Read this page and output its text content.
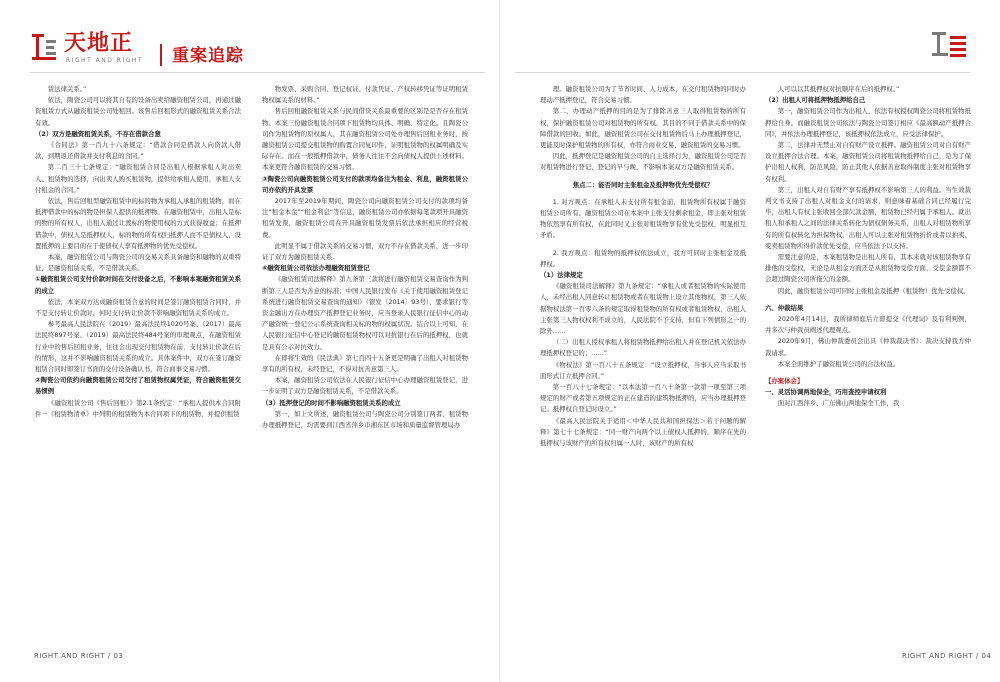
天地正
RIGHT AND RIGHT 重案追踪

赁法律关系。”

依法，陶瓷公司可以将其自有的设备出卖给融资租赁公司，再通过融资租赁方式从融资租赁公司处租回。该售后回租形式的融资租赁关系合法有效。

（2）双方是融资租赁关系，不存在借款合意

《合同法》第一百九十六条规定：“借款合同是借款人向贷款人借款，到期返还借款并支付利息的合同。”

第二百三十七条规定：“融资租赁合同是出租人根据承租人对出卖人、租赁物的选择，向出卖人购买租赁物，提供给承租人使用，承租人支付租金的合同。”

依法，售后回租型融资租赁中的标的物为承租人承租的租赁物，而在抵押借款中的标的物是担保人提供的抵押物。在融资租赁中，出租人是标的物的所有权人，出租人通过让渡标的物使用权的方式获得收益；在抵押借款中，债权人是抵押权人，标的物的所有权归抵押人而不是债权人，设置抵押的主要目的在于使债权人享有抵押物的优先受偿权。

本案，融资租赁公司与陶瓷公司的交易关系具备融资和融物的双重特征，是融资租赁关系，不是借款关系。

①融资租赁公司支付价款时间在交付设备之后，不影响本案融资租赁关系的成立

依法，本案双方达成融资租赁合意的时间是签订融资租赁合同时，并不是支付转让价款时。何时支付转让价款不影响融资租赁关系的成立。

参考最高人民法院在（2019）最高法民终1020号案、（2017）最高法民终897号案、（2019）最高法民终484号案的审理观点，在融资租赁行业中的售后回租业务，往往会出现交付租赁物在前，支付转让价款在后的情形，这并不影响融资租赁关系的成立。具体案件中，双方在签订融资租赁合同时即签订书面的交付设备确认书，符合商事交易习惯。

②陶瓷公司依约向融资租赁公司交付了租赁物权属凭证，符合融资租赁交易惯例

《融资租赁公司（售后回租）》第2.1条约定：“承租人提供本合同附件一《租赁物清单》中列明的租赁物为本合同项下的租赁物，并提供租赁

物发票、采购合同、登记权证、付款凭证、产权转移凭证等证明租赁物权属关系的材料。”

售后回租融资租赁关系与民间借贷关系最重要的区别是是否存在租赁物。本案三份融资租赁合同项下租赁物均具体、明确、特定化。且陶瓷公司作为租赁物的原权属人，其在融资租赁公司处办理售后回租业务时，按融资租赁公司提交租赁物的购置合同复印件，证明租赁物的权属明确及实际存在。而在一般抵押借款中，债务人往往不会向债权人提供上述材料。本案更符合融资租赁的交易习惯。

③陶瓷公司向融资租赁公司支付的款项均备注为租金、利息，融资租赁公司亦依约开具发票

2017年至2019年期间，陶瓷公司向融资租赁公司支付的款项均备注“租金本金”“租金利息”等信息，融资租赁公司亦依据每笔款项开具融资租赁发票，融资租赁公司在开具融资租赁发票后依法承担相应的经营税费。

此明显不属于借款关系的交易习惯，双方不存在借款关系，进一步印证了双方为融资租赁关系。

④融资租赁公司依法办理融资租赁登记

《融资租赁司法解释》第九条第三款将进行融资租赁交易查询作为判断第三人是否为善意的标准；中国人民银行发布《关于使用融资租赁登记系统进行融资租赁交易查询的通知》（银发〔2014〕93号），要求银行等资金融出方在办理资产抵押登记业务时，应当登录人民银行征信中心的动产融资统一登记公示系统查询相关标的物的权属状况。结合以上可知，在人民银行征信中心登记的融资租赁物权可以对抗银行在后的抵押权，也就是具有公示对抗效力。

在即将生效的《民法典》第七百四十五条更是明确了出租人对租赁物享有的所有权，未经登记，不得对抗善意第三人。

本案，融资租赁公司依法在人民银行征信中心办理融资租赁登记，进一步证明了双方是融资租赁关系，不是借款关系。

（3）抵押登记的时间不影响融资租赁关系的成立

第一，如上文所述，融资租赁公司与陶瓷公司分别签订两者，租赁物办理抵押登记，均需要到江西省萍乡市湘东区市场和质量监督管理局办

理。融资租赁公司为了节省时间、人力成本，在交付租赁物的同时办理动产抵押登记，符合交易习惯。

第二，办理动产抵押的目的是为了排除善意三人取得租赁物的所有权，保护融资租赁公司对租赁物的所有权，其目的不同于借款关系中的保障借款的回收。如此，融资租赁公司在交付租赁物后马上办理抵押登记，更能及时保护租赁物的所有权，亦符合商业交易、融资租赁的交易习惯。

因此，抵押登记是融资租赁公司的自主选择行为，融资租赁公司是否对租赁物进行登记、登记的早与晚，不影响本案双方是融资租赁关系。

焦点二：能否同时主张租金及抵押物优先受偿权？

1. 对方观点：在承租人未支付所有租金前，租赁物所有权属于融资租赁公司所有。融资租赁公司在本案中主张支付剩余租金，即主张对租赁物依然享有所有权，在此同时又主张对租赁物享有优先受偿权，明显相互矛盾。

2. 我方观点：租赁物的抵押权依法成立，我方可同时主张租金及抵押权。

（1）法律规定

《融资租赁司法解释》第九条规定：“承租人或者租赁物的实际使用人，未经出租人同意转让租赁物或者在租赁物上设立其他物权，第三人依据物权法第一百零六条的规定取得租赁物的所有权或者租赁物权，出租人主张第三人物权权利不成立的，人民法院不予支持，但有下列情形之一的除外……

（二）出租人授权承租人将租赁物抵押给出租人并在登记机关依法办理抵押权登记的；……”

《物权法》第一百八十五条规定：“设立抵押权，当事人应当采取书面形式订立抵押合同。”

第一百八十七条规定：“以本法第一百八十条第一款第一项至第三项规定的财产或者第五项规定的正在建造的建筑物抵押的，应当办理抵押登记。抵押权自登记时设立。”

《最高人民法院关于适用＜中华人民共和国担保法＞若干问题的解释》第七十七条规定：“同一财产向两个以上债权人抵押的，顺序在先的抵押权与该财产的所有权归属一人时，该财产的所有权

人可以以其抵押权对抗顺序在后的抵押权。”

（2）出租人可将抵押物抵押给自己

第一，融资租赁公司作为出租人，依法有权授权陶瓷公司将租赁物抵押给自身。而融资租赁公司依法与陶瓷公司签订相应《最高额动产抵押合同》，并依法办理抵押登记，该抵押权依法成立，应受法律保护。

第二，法律并无禁止对自有财产设立抵押。融资租赁公司对自有财产设立抵押合法合理。本案，融资租赁公司将租赁物抵押给自己，是为了保护出租人权利，防范风险，防止其他人依据善意取得制度主张对租赁物享有权利。

第三，出租人对自有财产享有抵押权不影响第三人的利益。当生效裁判文书支持了出租人对租金支付的请求，则意味着基础合同已经履行完毕，出租人有权主张收回全部欠款金额，租赁物已经归属于承租人。就出租人和承租人之间的法律关系转化为债权债务关系，出租人对租赁物所享有的所有权转化为担保物权，出租人可以主张对租赁物折价或者以拍卖、变卖租赁物所得价款优先受偿，应当依法予以支持。

需要注意的是，本案租赁物是出租人所有，其本来就对该租赁物享有排他的受偿权，无论是从租金方面还是从租赁物受偿方面，受偿金额都不会超过陶瓷公司所拖欠的金额。

因此，融资租赁公司可同时主张租金及抵押（租赁物）优先受偿权。

六、仲裁结果

2020年4月14日，我所律师庭后立即提交《代理词》及有利判例，并多次与仲裁员阐述代理观点。

2020年9月，佛山仲裁委员会出具《仲裁裁决书》：裁决支持我方仲裁请求。

本案全面维护了融资租赁公司的合法权益。

【办案体会】

一、灵活协调两地保全，巧用查控申请权利

面对江西萍乡、广东佛山两地保全工作，我

RIGHT AND RIGHT / 03	RIGHT AND RIGHT / 04
